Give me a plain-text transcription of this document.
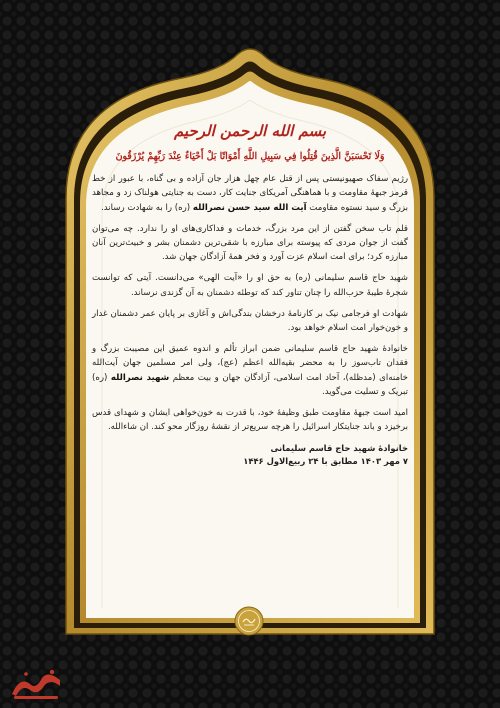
بسم الله الرحمن الرحیم
وَلَا تَحْسَبَنَّ الَّذِينَ قُتِلُوا فِي سَبِيلِ اللَّهِ أَمْوَاتًا بَلْ أَحْيَاءٌ عِنْدَ رَبِّهِمْ يُرْزَقُونَ

رژیم سفاک صهیونیستی پس از قتل عام چهل هزار جان آزاده و بی گناه، با عبور از خط قرمز جبههٔ مقاومت و با هماهنگی آمریکای جنایت کار، دست به جنایتی هولناک زد و مجاهد بزرگ و سید نستوه مقاومت آیت الله سید حسن نصرالله (ره) را به شهادت رساند.

قلم تاب سخن گفتن از این مرد بزرگ، خدمات و فداکاری‌های او را ندارد. چه می‌توان گفت از جوان مردی که پیوسته برای مبارزه با شقی‌ترین دشمنان بشر و خبیث‌ترین آنان مبارزه کرد؛ برای امت اسلام عزت آورد و فخر همهٔ آزادگان جهان شد.

شهید حاج قاسم سلیمانی (ره) به حق او را «آیت الهی» می‌دانست. آیتی که توانست شجرهٔ طیبهٔ حزب‌الله را چنان تناور کند که توطئه دشمنان به آن گزندی نرساند.

شهادت او فرجامی نیک بر کارنامهٔ درخشان بندگی‌اش و آغازی بر پایان عمر دشمنان غدار و خون‌خوار امت اسلام خواهد بود.

خانوادهٔ شهید حاج قاسم سلیمانی ضمن ابراز تألم و اندوه عمیق این مصیبت بزرگ و فقدان تاب‌سوز را به محضر بقیه‌الله اعظم (عج)، ولی امر مسلمین جهان آیت‌الله خامنه‌ای (مدظله)، آحاد امت اسلامی، آزادگان جهان و بیت معظم شهید نصرالله (ره) تبریک و تسلیت می‌گوید.

امید است جبههٔ مقاومت طبق وظیفهٔ خود، با قدرت به خون‌خواهی ایشان و شهدای قدس برخیزد و باند جنایتکار اسرائیل را هرچه سریع‌تر از نقشهٔ روزگار محو کند. ان شاءالله.

خانوادهٔ شهید حاج قاسم سلیمانی
۷ مهر ۱۴۰۳ مطابق با ۲۴ ربیع‌الاول ۱۴۴۶
